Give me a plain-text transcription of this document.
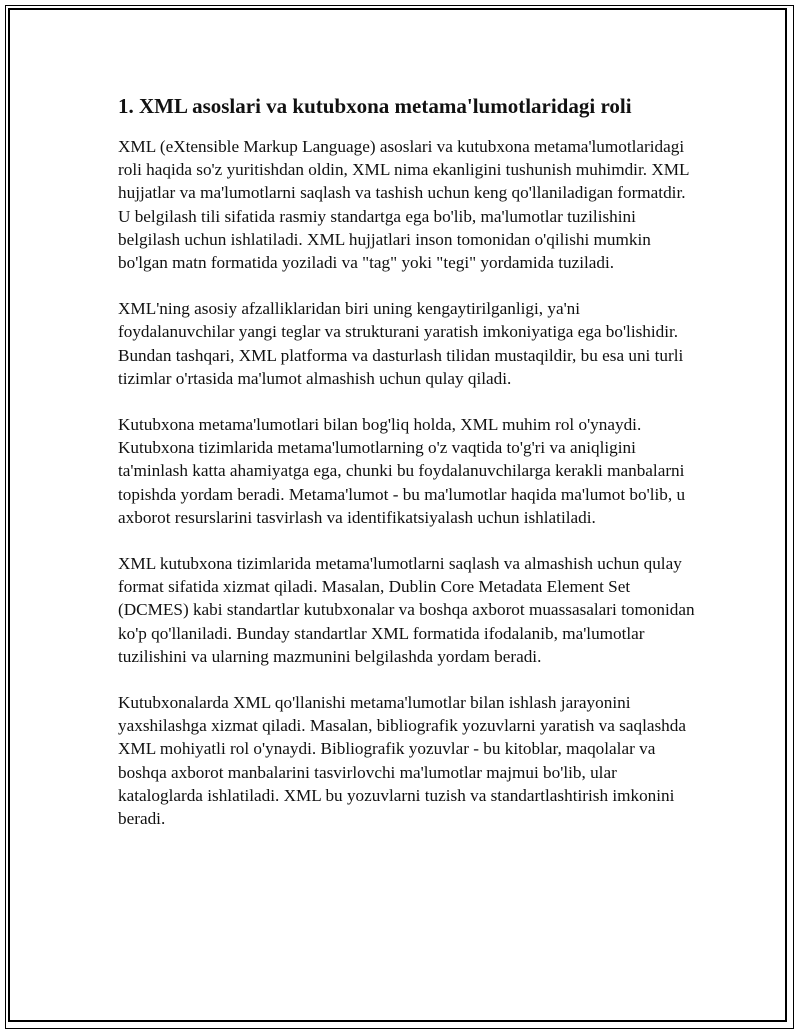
1. XML asoslari va kutubxona metama'lumotlaridagi roli

XML (eXtensible Markup Language) asoslari va kutubxona metama'lumotlaridagi roli haqida so'z yuritishdan oldin, XML nima ekanligini tushunish muhimdir. XML hujjatlar va ma'lumotlarni saqlash va tashish uchun keng qo'llaniladigan formatdir. U belgilash tili sifatida rasmiy standartga ega bo'lib, ma'lumotlar tuzilishini belgilash uchun ishlatiladi. XML hujjatlari inson tomonidan o'qilishi mumkin bo'lgan matn formatida yoziladi va "tag" yoki "tegi" yordamida tuziladi.

XML'ning asosiy afzalliklaridan biri uning kengaytirilganligi, ya'ni foydalanuvchilar yangi teglar va strukturani yaratish imkoniyatiga ega bo'lishidir. Bundan tashqari, XML platforma va dasturlash tilidan mustaqildir, bu esa uni turli tizimlar o'rtasida ma'lumot almashish uchun qulay qiladi.

Kutubxona metama'lumotlari bilan bog'liq holda, XML muhim rol o'ynaydi. Kutubxona tizimlarida metama'lumotlarning o'z vaqtida to'g'ri va aniqligini ta'minlash katta ahamiyatga ega, chunki bu foydalanuvchilarga kerakli manbalarni topishda yordam beradi. Metama'lumot - bu ma'lumotlar haqida ma'lumot bo'lib, u axborot resurslarini tasvirlash va identifikatsiyalash uchun ishlatiladi.

XML kutubxona tizimlarida metama'lumotlarni saqlash va almashish uchun qulay format sifatida xizmat qiladi. Masalan, Dublin Core Metadata Element Set (DCMES) kabi standartlar kutubxonalar va boshqa axborot muassasalari tomonidan ko'p qo'llaniladi. Bunday standartlar XML formatida ifodalanib, ma'lumotlar tuzilishini va ularning mazmunini belgilashda yordam beradi.

Kutubxonalarda XML qo'llanishi metama'lumotlar bilan ishlash jarayonini yaxshilashga xizmat qiladi. Masalan, bibliografik yozuvlarni yaratish va saqlashda XML mohiyatli rol o'ynaydi. Bibliografik yozuvlar - bu kitoblar, maqolalar va boshqa axborot manbalarini tasvirlovchi ma'lumotlar majmui bo'lib, ular kataloglarda ishlatiladi. XML bu yozuvlarni tuzish va standartlashtirish imkonini beradi.
